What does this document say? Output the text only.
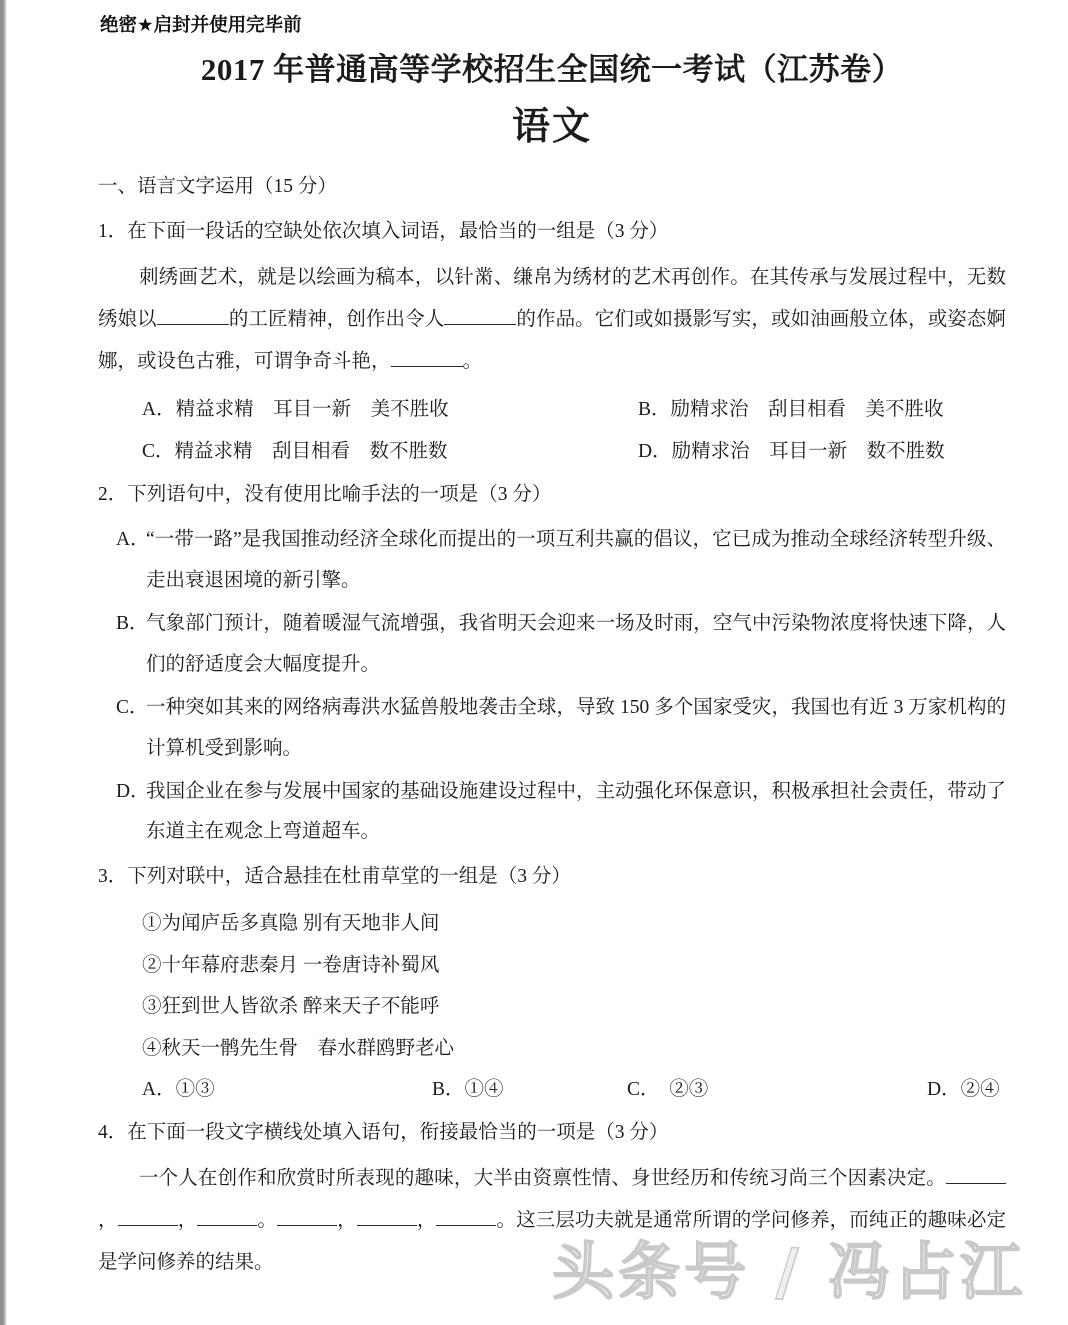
绝密★启封并使用完毕前
2017 年普通高等学校招生全国统一考试（江苏卷）
语文
一、语言文字运用（15 分）
1．在下面一段话的空缺处依次填入词语，最恰当的一组是（3 分）
刺绣画艺术，就是以绘画为稿本，以针黹、缣帛为绣材的艺术再创作。在其传承与发展过程中，无数绣娘以	的工匠精神，创作出令人	的作品。它们或如摄影写实，或如油画般立体，或姿态婀娜，或设色古雅，可谓争奇斗艳，	。
A．精益求精　耳目一新　美不胜收	B．励精求治　刮目相看　美不胜收
C．精益求精　刮目相看　数不胜数	D．励精求治　耳目一新　数不胜数
2．下列语句中，没有使用比喻手法的一项是（3 分）
A．“一带一路”是我国推动经济全球化而提出的一项互利共赢的倡议，它已成为推动全球经济转型升级、走出衰退困境的新引擎。
B．气象部门预计，随着暖湿气流增强，我省明天会迎来一场及时雨，空气中污染物浓度将快速下降，人们的舒适度会大幅度提升。
C．一种突如其来的网络病毒洪水猛兽般地袭击全球，导致 150 多个国家受灾，我国也有近 3 万家机构的计算机受到影响。
D．我国企业在参与发展中国家的基础设施建设过程中，主动强化环保意识，积极承担社会责任，带动了东道主在观念上弯道超车。
3．下列对联中，适合悬挂在杜甫草堂的一组是（3 分）
①为闻庐岳多真隐 别有天地非人间
②十年幕府悲秦月 一卷唐诗补蜀风
③狂到世人皆欲杀 醉来天子不能呼
④秋天一鹘先生骨　春水群鸥野老心
A．①③	B．①④	C．　②③	D．②④
4．在下面一段文字横线处填入语句，衔接最恰当的一项是（3 分）
一个人在创作和欣赏时所表现的趣味，大半由资禀性情、身世经历和传统习尚三个因素决定。，	，	。	，	，	。这三层功夫就是通常所谓的学问修养，而纯正的趣味必定是学问修养的结果。
